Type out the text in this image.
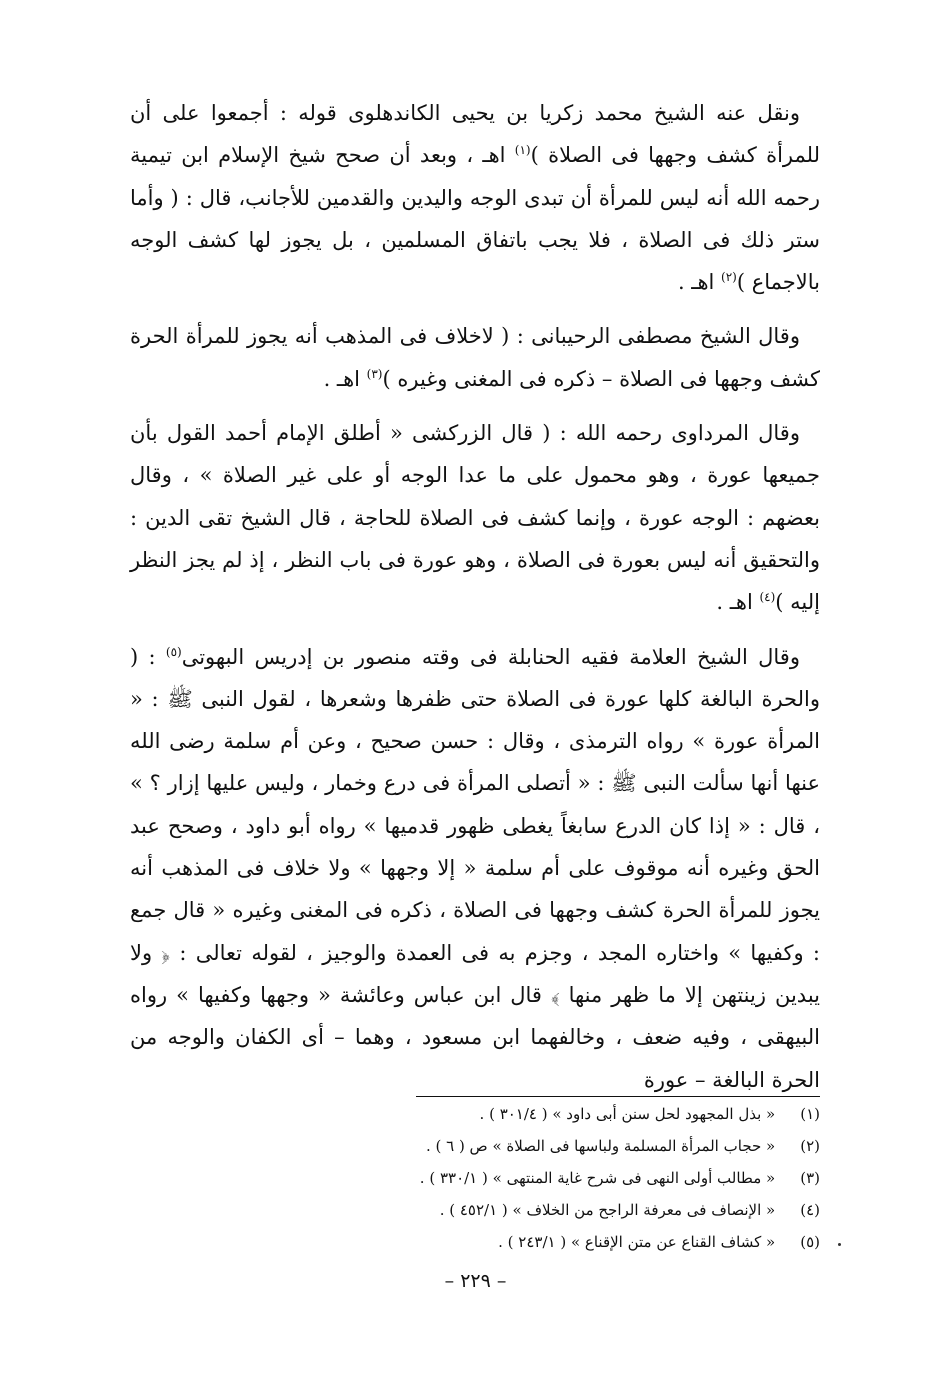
ونقل عنه الشيخ محمد زكريا بن يحيى الكاندهلوى قوله : أجمعوا على أن للمرأة كشف وجهها فى الصلاة )$^{(١)}$ اهـ ، وبعد أن صحح شيخ الإسلام ابن تيمية رحمه الله أنه ليس للمرأة أن تبدى الوجه واليدين والقدمين للأجانب، قال : ( وأما ستر ذلك فى الصلاة ، فلا يجب باتفاق المسلمين ، بل يجوز لها كشف الوجه بالاجماع )$^{(٢)}$ اهـ .

وقال الشيخ مصطفى الرحيبانى : ( لاخلاف فى المذهب أنه يجوز للمرأة الحرة كشف وجهها فى الصلاة – ذكره فى المغنى وغيره )$^{(٣)}$ اهـ .

وقال المرداوى رحمه الله : ( قال الزركشى « أطلق الإمام أحمد القول بأن جميعها عورة ، وهو محمول على ما عدا الوجه أو على غير الصلاة » ، وقال بعضهم : الوجه عورة ، وإنما كشف فى الصلاة للحاجة ، قال الشيخ تقى الدين : والتحقيق أنه ليس بعورة فى الصلاة ، وهو عورة فى باب النظر ، إذ لم يجز النظر إليه )$^{(٤)}$ اهـ .

وقال الشيخ العلامة فقيه الحنابلة فى وقته منصور بن إدريس البهوتى$^{(٥)}$ : ( والحرة البالغة كلها عورة فى الصلاة حتى ظفرها وشعرها ، لقول النبى ﷺ : « المرأة عورة » رواه الترمذى ، وقال : حسن صحيح ، وعن أم سلمة رضى الله عنها أنها سألت النبى ﷺ : « أتصلى المرأة فى درع وخمار ، وليس عليها إزار ؟ » ، قال : « إذا كان الدرع سابغاً يغطى ظهور قدميها » رواه أبو داود ، وصحح عبد الحق وغيره أنه موقوف على أم سلمة « إلا وجهها » ولا خلاف فى المذهب أنه يجوز للمرأة الحرة كشف وجهها فى الصلاة ، ذكره فى المغنى وغيره « قال جمع : وكفيها » واختاره المجد ، وجزم به فى العمدة والوجيز ، لقوله تعالى : ﴿ ولا يبدين زينتهن إلا ما ظهر منها ﴾ قال ابن عباس وعائشة « وجهها وكفيها » رواه البيهقى ، وفيه ضعف ، وخالفهما ابن مسعود ، وهما – أى الكفان والوجه من الحرة البالغة – عورة

(١) « بذل المجهود لحل سنن أبى داود » ( ٣٠١/٤ ) .
(٢) « حجاب المرأة المسلمة ولباسها فى الصلاة » ص ( ٦ ) .
(٣) « مطالب أولى النهى فى شرح غاية المنتهى » ( ٣٣٠/١ ) .
(٤) « الإنصاف فى معرفة الراجح من الخلاف » ( ٤٥٢/١ ) .
(٥) « كشاف القناع عن متن الإقناع » ( ٢٤٣/١ ) .
– ٢٢٩ –
